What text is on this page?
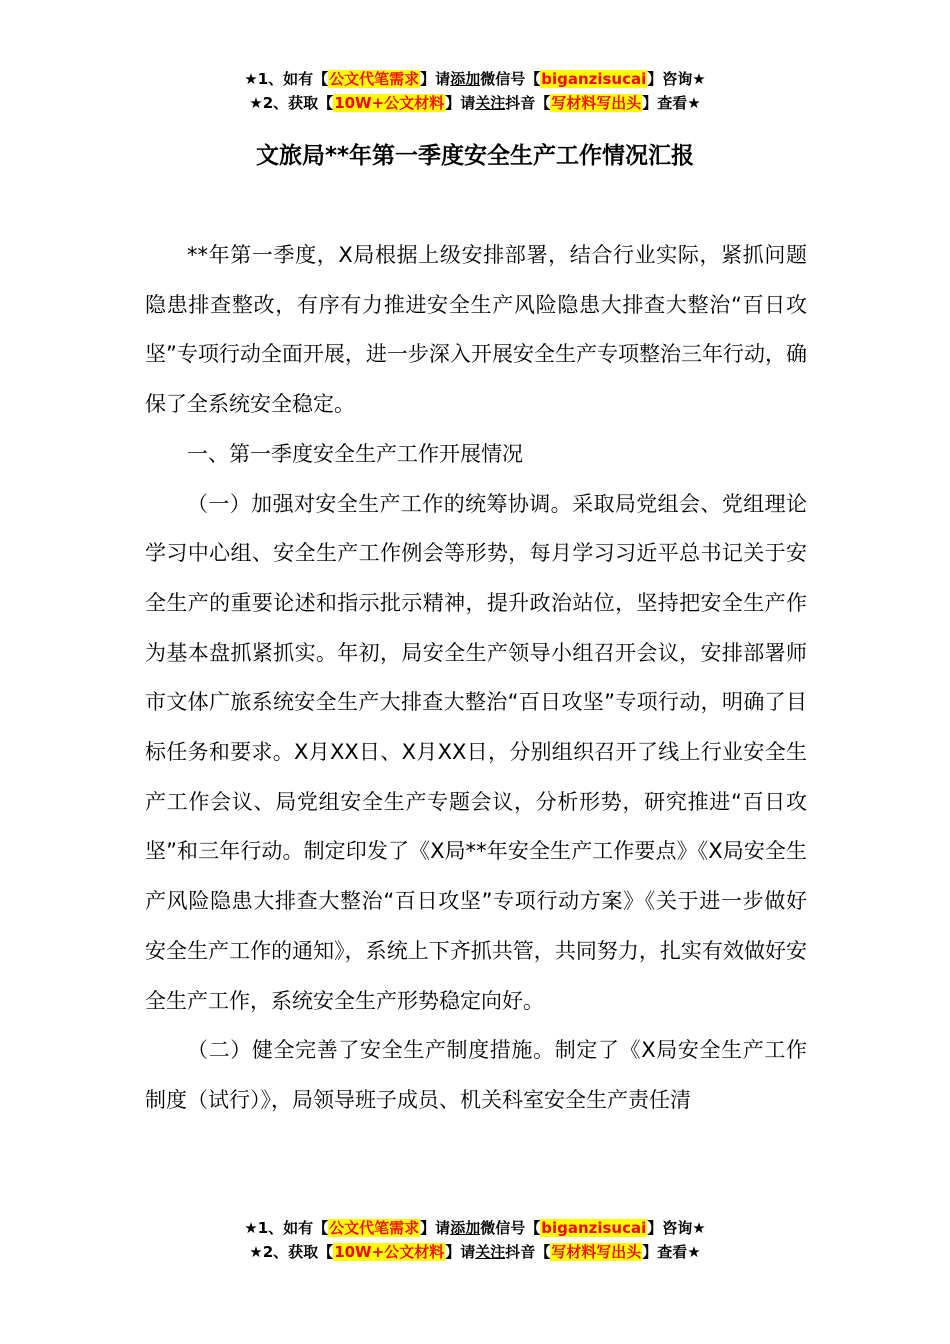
★1、如有【公文代笔需求】请添加微信号【biganzisucai】咨询★
★2、获取【10W+公文材料】请关注抖音【写材料写出头】查看★
文旅局**年第一季度安全生产工作情况汇报

**年第一季度，X局根据上级安排部署，结合行业实际，紧抓问题隐患排查整改，有序有力推进安全生产风险隐患大排查大整治“百日攻坚”专项行动全面开展，进一步深入开展安全生产专项整治三年行动，确保了全系统安全稳定。

一、第一季度安全生产工作开展情况

（一）加强对安全生产工作的统筹协调。采取局党组会、党组理论学习中心组、安全生产工作例会等形势，每月学习习近平总书记关于安全生产的重要论述和指示批示精神，提升政治站位，坚持把安全生产作为基本盘抓紧抓实。年初，局安全生产领导小组召开会议，安排部署师市文体广旅系统安全生产大排查大整治“百日攻坚”专项行动，明确了目标任务和要求。X月XX日、X月XX日，分别组织召开了线上行业安全生产工作会议、局党组安全生产专题会议，分析形势，研究推进“百日攻坚”和三年行动。制定印发了《X局**年安全生产工作要点》《X局安全生产风险隐患大排查大整治“百日攻坚”专项行动方案》《关于进一步做好安全生产工作的通知》，系统上下齐抓共管，共同努力，扎实有效做好安全生产工作，系统安全生产形势稳定向好。

（二）健全完善了安全生产制度措施。制定了《X局安全生产工作制度（试行）》，局领导班子成员、机关科室安全生产责任清

★1、如有【公文代笔需求】请添加微信号【biganzisucai】咨询★
★2、获取【10W+公文材料】请关注抖音【写材料写出头】查看★
